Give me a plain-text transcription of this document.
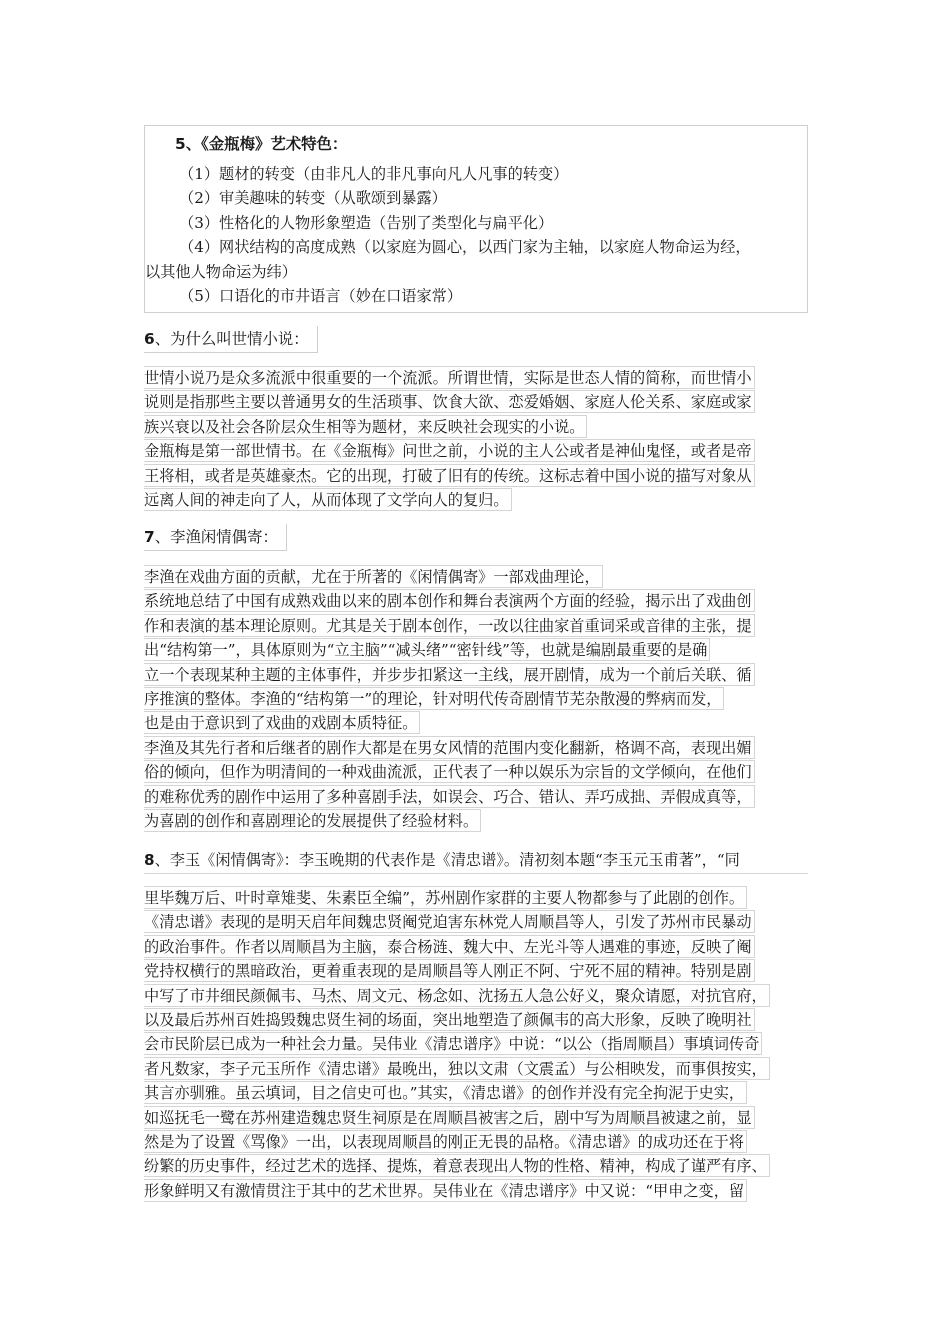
5、《金瓶梅》艺术特色：
（1）题材的转变（由非凡人的非凡事向凡人凡事的转变）
（2）审美趣味的转变（从歌颂到暴露）
（3）性格化的人物形象塑造（告别了类型化与扁平化）
（4）网状结构的高度成熟（以家庭为圆心，以西门家为主轴，以家庭人物命运为经，
以其他人物命运为纬）
（5）口语化的市井语言（妙在口语家常）
6、为什么叫世情小说：
世情小说乃是众多流派中很重要的一个流派。所谓世情，实际是世态人情的简称，而世情小
说则是指那些主要以普通男女的生活琐事、饮食大欲、恋爱婚姻、家庭人伦关系、家庭或家
族兴衰以及社会各阶层众生相等为题材，来反映社会现实的小说。
金瓶梅是第一部世情书。在《金瓶梅》问世之前，小说的主人公或者是神仙鬼怪，或者是帝
王将相，或者是英雄豪杰。它的出现，打破了旧有的传统。这标志着中国小说的描写对象从
远离人间的神走向了人，从而体现了文学向人的复归。
7、李渔闲情偶寄：
李渔在戏曲方面的贡献，尤在于所著的《闲情偶寄》一部戏曲理论，
系统地总结了中国有成熟戏曲以来的剧本创作和舞台表演两个方面的经验，揭示出了戏曲创
作和表演的基本理论原则。尤其是关于剧本创作，一改以往曲家首重词采或音律的主张，提
出“结构第一”，具体原则为“立主脑”“减头绪”“密针线”等，也就是编剧最重要的是确
立一个表现某种主题的主体事件，并步步扣紧这一主线，展开剧情，成为一个前后关联、循
序推演的整体。李渔的“结构第一”的理论，针对明代传奇剧情节芜杂散漫的弊病而发，
也是由于意识到了戏曲的戏剧本质特征。
李渔及其先行者和后继者的剧作大都是在男女风情的范围内变化翻新，格调不高，表现出媚
俗的倾向，但作为明清间的一种戏曲流派，正代表了一种以娱乐为宗旨的文学倾向，在他们
的难称优秀的剧作中运用了多种喜剧手法，如误会、巧合、错认、弄巧成拙、弄假成真等，
为喜剧的创作和喜剧理论的发展提供了经验材料。
8、李玉《闲情偶寄》：李玉晚期的代表作是《清忠谱》。清初刻本题“李玉元玉甫著”，“同
里毕魏万后、叶时章雉斐、朱素臣全编”，苏州剧作家群的主要人物都参与了此剧的创作。
《清忠谱》表现的是明天启年间魏忠贤阉党迫害东林党人周顺昌等人，引发了苏州市民暴动
的政治事件。作者以周顺昌为主脑，泰合杨涟、魏大中、左光斗等人遇难的事迹，反映了阉
党持权横行的黑暗政治，更着重表现的是周顺昌等人刚正不阿、宁死不屈的精神。特别是剧
中写了市井细民颜佩韦、马杰、周文元、杨念如、沈扬五人急公好义，聚众请愿，对抗官府，
以及最后苏州百姓捣毁魏忠贤生祠的场面，突出地塑造了颜佩韦的高大形象，反映了晚明社
会市民阶层已成为一种社会力量。吴伟业《清忠谱序》中说：“以公（指周顺昌）事填词传奇
者凡数家，李子元玉所作《清忠谱》最晚出，独以文肃（文震孟）与公相映发，而事俱按实，
其言亦驯雅。虽云填词，目之信史可也。”其实，《清忠谱》的创作并没有完全拘泥于史实，
如巡抚毛一鹭在苏州建造魏忠贤生祠原是在周顺昌被害之后，剧中写为周顺昌被逮之前，显
然是为了设置《骂像》一出，以表现周顺昌的刚正无畏的品格。《清忠谱》的成功还在于将
纷繁的历史事件，经过艺术的选择、提炼，着意表现出人物的性格、精神，构成了谨严有序、
形象鲜明又有激情贯注于其中的艺术世界。吴伟业在《清忠谱序》中又说：“甲申之变，留
